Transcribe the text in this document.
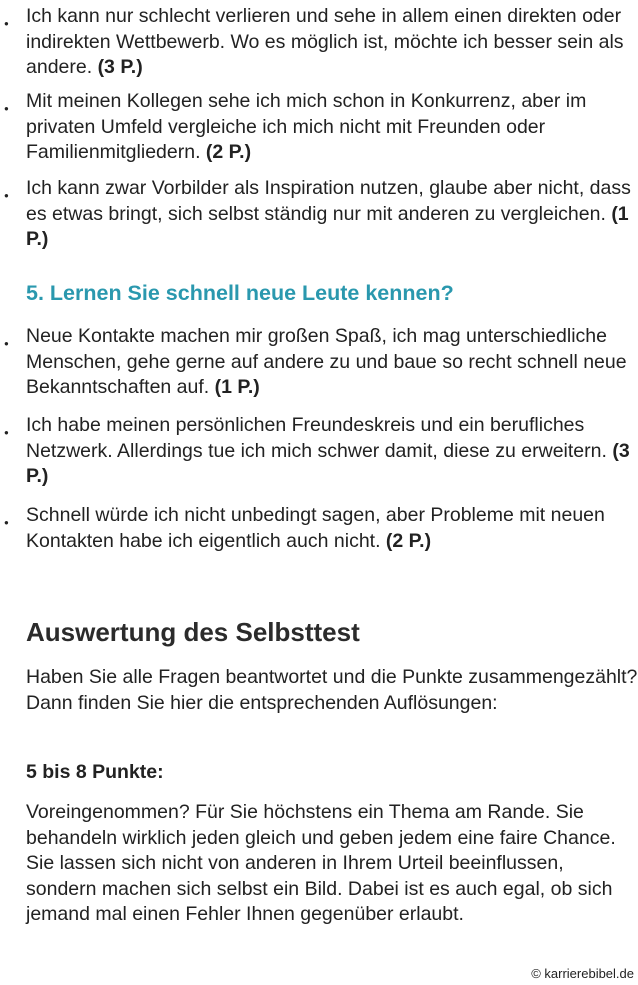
● Ich kann nur schlecht verlieren und sehe in allem einen direkten oder indirekten Wettbewerb. Wo es möglich ist, möchte ich besser sein als andere. (3 P.)
● Mit meinen Kollegen sehe ich mich schon in Konkurrenz, aber im privaten Umfeld vergleiche ich mich nicht mit Freunden oder Familienmitgliedern. (2 P.)
● Ich kann zwar Vorbilder als Inspiration nutzen, glaube aber nicht, dass es etwas bringt, sich selbst ständig nur mit anderen zu vergleichen. (1 P.)
5. Lernen Sie schnell neue Leute kennen?
● Neue Kontakte machen mir großen Spaß, ich mag unterschiedliche Menschen, gehe gerne auf andere zu und baue so recht schnell neue Bekanntschaften auf. (1 P.)
● Ich habe meinen persönlichen Freundeskreis und ein berufliches Netzwerk. Allerdings tue ich mich schwer damit, diese zu erweitern. (3 P.)
● Schnell würde ich nicht unbedingt sagen, aber Probleme mit neuen Kontakten habe ich eigentlich auch nicht. (2 P.)
Auswertung des Selbsttest

Haben Sie alle Fragen beantwortet und die Punkte zusammengezählt? Dann finden Sie hier die entsprechenden Auflösungen:

5 bis 8 Punkte:

Voreingenommen? Für Sie höchstens ein Thema am Rande. Sie behandeln wirklich jeden gleich und geben jedem eine faire Chance. Sie lassen sich nicht von anderen in Ihrem Urteil beeinflussen, sondern machen sich selbst ein Bild. Dabei ist es auch egal, ob sich jemand mal einen Fehler Ihnen gegenüber erlaubt.

© karrierebibel.de
